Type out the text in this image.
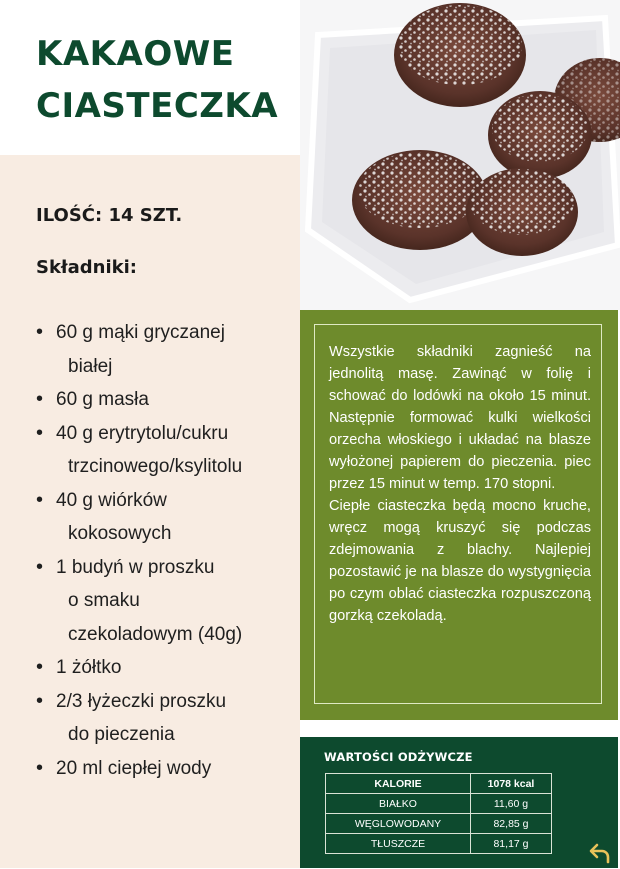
KAKAOWE
CIASTECZKA
ILOŚĆ: 14 SZT.
Składniki:
• 60 g mąki gryczanej
białej
• 60 g masła
• 40 g erytrytolu/cukru
trzcinowego/ksylitolu
• 40 g wiórków
kokosowych
• 1 budyń w proszku
o smaku
czekoladowym (40g)
• 1 żółtko
• 2/3 łyżeczki proszku
do pieczenia
• 20 ml ciepłej wody

Wszystkie składniki zagnieść na jednolitą masę. Zawinąć w folię i schować do lodówki na około 15 minut. Następnie formować kulki wielkości orzecha włoskiego i układać na blasze wyłożonej papierem do pieczenia. piec przez 15 minut w temp. 170 stopni.

Ciepłe ciasteczka będą mocno kruche, wręcz mogą kruszyć się podczas zdejmowania z blachy. Najlepiej pozostawić je na blasze do wystygnięcia po czym oblać ciasteczka rozpuszczoną gorzką czekoladą.

WARTOŚCI ODŻYWCZE
KALORIE	1078 kcal
BIAŁKO	11,60 g
WĘGLOWODANY	82,85 g
TŁUSZCZE	81,17 g
